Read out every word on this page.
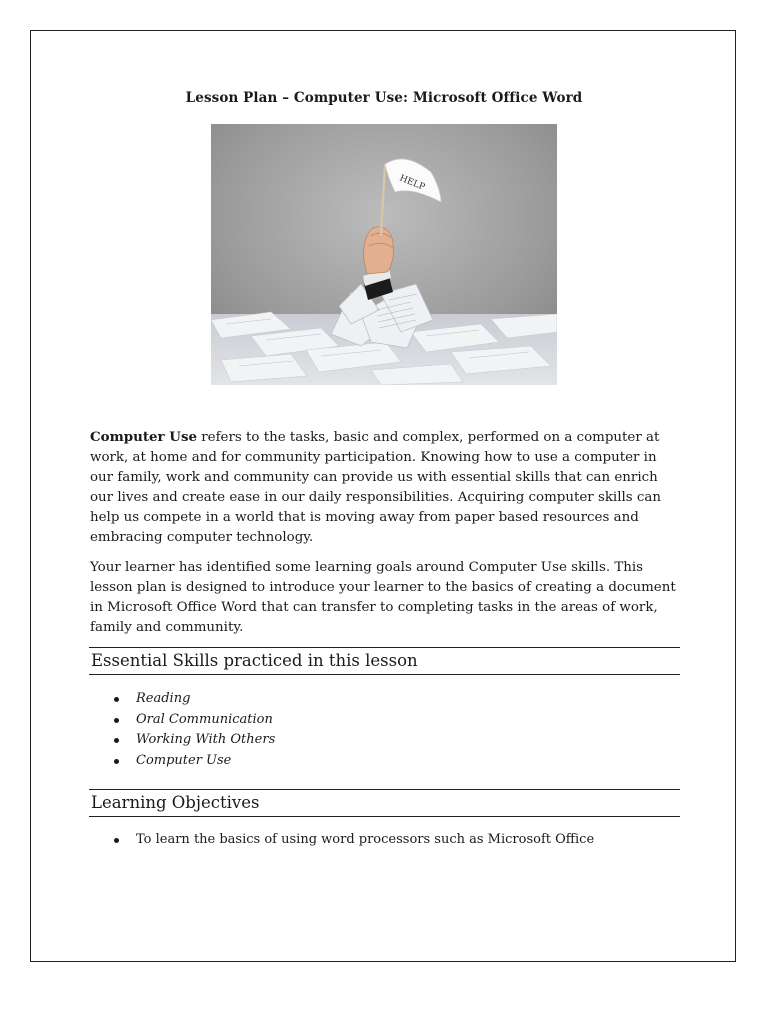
Lesson Plan – Computer Use: Microsoft Office Word
HELP

Computer Use refers to the tasks, basic and complex, performed on a computer at work, at home and for community participation. Knowing how to use a computer in our family, work and community can provide us with essential skills that can enrich our lives and create ease in our daily responsibilities. Acquiring computer skills can help us compete in a world that is moving away from paper based resources and embracing computer technology.

Your learner has identified some learning goals around Computer Use skills. This lesson plan is designed to introduce your learner to the basics of creating a document in Microsoft Office Word that can transfer to completing tasks in the areas of work, family and community.

Essential Skills practiced in this lesson
Reading
Oral Communication
Working With Others
Computer Use
Learning Objectives
To learn the basics of using word processors such as Microsoft Office
